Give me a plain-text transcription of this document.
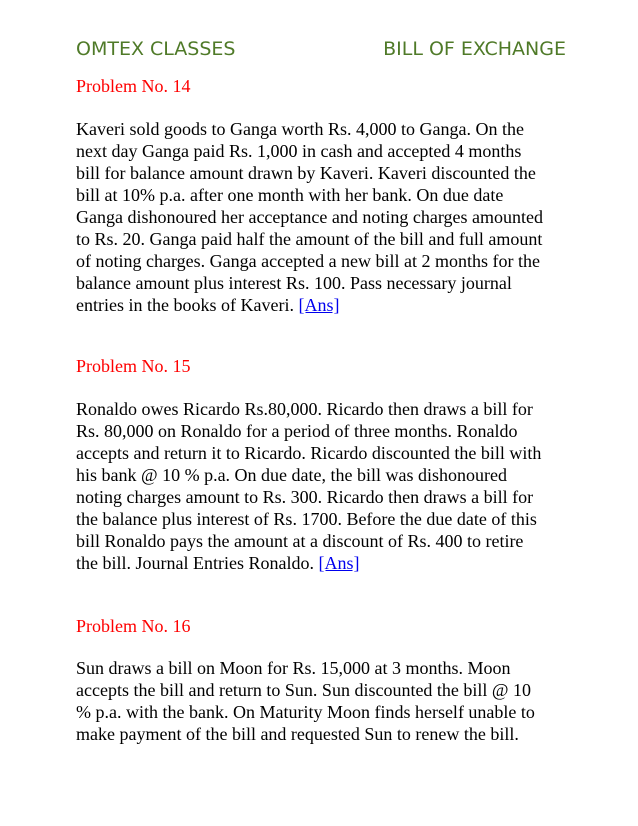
OMTEX CLASSES	BILL OF EXCHANGE
Problem No. 14
Kaveri sold goods to Ganga worth Rs. 4,000 to Ganga. On the
next day Ganga paid Rs. 1,000 in cash and accepted 4 months
bill for balance amount drawn by Kaveri. Kaveri discounted the
bill at 10% p.a. after one month with her bank. On due date
Ganga dishonoured her acceptance and noting charges amounted
to Rs. 20. Ganga paid half the amount of the bill and full amount
of noting charges. Ganga accepted a new bill at 2 months for the
balance amount plus interest Rs. 100. Pass necessary journal
entries in the books of Kaveri. [Ans]
Problem No. 15
Ronaldo owes Ricardo Rs.80,000. Ricardo then draws a bill for
Rs. 80,000 on Ronaldo for a period of three months. Ronaldo
accepts and return it to Ricardo. Ricardo discounted the bill with
his bank @ 10 % p.a. On due date, the bill was dishonoured
noting charges amount to Rs. 300. Ricardo then draws a bill for
the balance plus interest of Rs. 1700. Before the due date of this
bill Ronaldo pays the amount at a discount of Rs. 400 to retire
the bill. Journal Entries Ronaldo. [Ans]
Problem No. 16
Sun draws a bill on Moon for Rs. 15,000 at 3 months. Moon
accepts the bill and return to Sun. Sun discounted the bill @ 10
% p.a. with the bank. On Maturity Moon finds herself unable to
make payment of the bill and requested Sun to renew the bill.
